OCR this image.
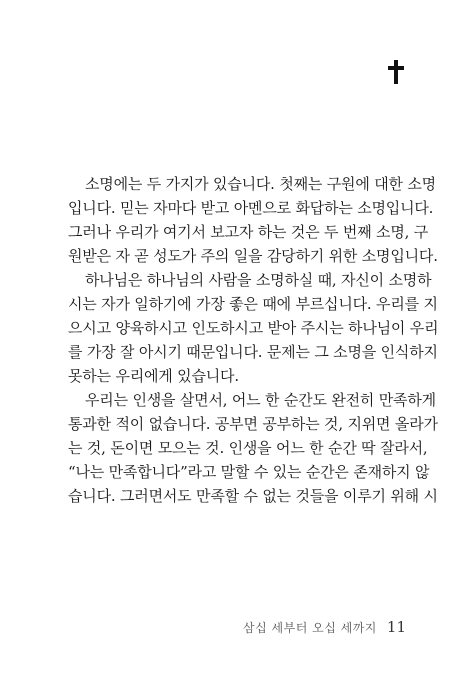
소명에는 두 가지가 있습니다. 첫째는 구원에 대한 소명
입니다. 믿는 자마다 받고 아멘으로 화답하는 소명입니다.
그러나 우리가 여기서 보고자 하는 것은 두 번째 소명, 구
원받은 자 곧 성도가 주의 일을 감당하기 위한 소명입니다.
하나님은 하나님의 사람을 소명하실 때, 자신이 소명하
시는 자가 일하기에 가장 좋은 때에 부르십니다. 우리를 지
으시고 양육하시고 인도하시고 받아 주시는 하나님이 우리
를 가장 잘 아시기 때문입니다. 문제는 그 소명을 인식하지
못하는 우리에게 있습니다.
우리는 인생을 살면서, 어느 한 순간도 완전히 만족하게
통과한 적이 없습니다. 공부면 공부하는 것, 지위면 올라가
는 것, 돈이면 모으는 것. 인생을 어느 한 순간 딱 잘라서,
“나는 만족합니다”라고 말할 수 있는 순간은 존재하지 않
습니다. 그러면서도 만족할 수 없는 것들을 이루기 위해 시
삼십 세부터 오십 세까지 11
